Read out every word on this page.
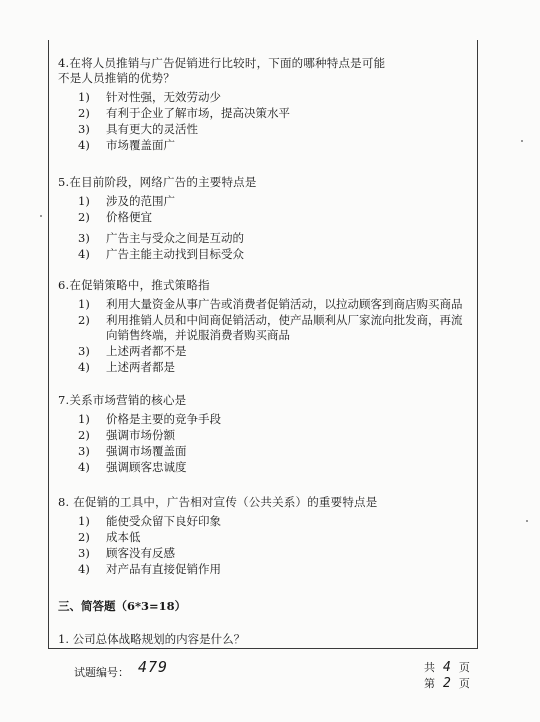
4.在将人员推销与广告促销进行比较时，下面的哪种特点是可能
不是人员推销的优势？
1)	针对性强，无效劳动少
2)	有利于企业了解市场，提高决策水平
3)	具有更大的灵活性
4)	市场覆盖面广
5.在目前阶段，网络广告的主要特点是
1)	涉及的范围广
2)	价格便宜
3)	广告主与受众之间是互动的
4)	广告主能主动找到目标受众
6.在促销策略中，推式策略指
1)	利用大量资金从事广告或消费者促销活动，以拉动顾客到商店购买商品
2)	利用推销人员和中间商促销活动，使产品顺利从厂家流向批发商，再流向销售终端，并说服消费者购买商品
3)	上述两者都不是
4)	上述两者都是
7.关系市场营销的核心是
1)	价格是主要的竞争手段
2)	强调市场份额
3)	强调市场覆盖面
4)	强调顾客忠诚度
8. 在促销的工具中，广告相对宣传（公共关系）的重要特点是
1)	能使受众留下良好印象
2)	成本低
3)	顾客没有反感
4)	对产品有直接促销作用
三、简答题（6*3=18）
1. 公司总体战略规划的内容是什么？
试题编号： 479	共 4 页
第 2 页
